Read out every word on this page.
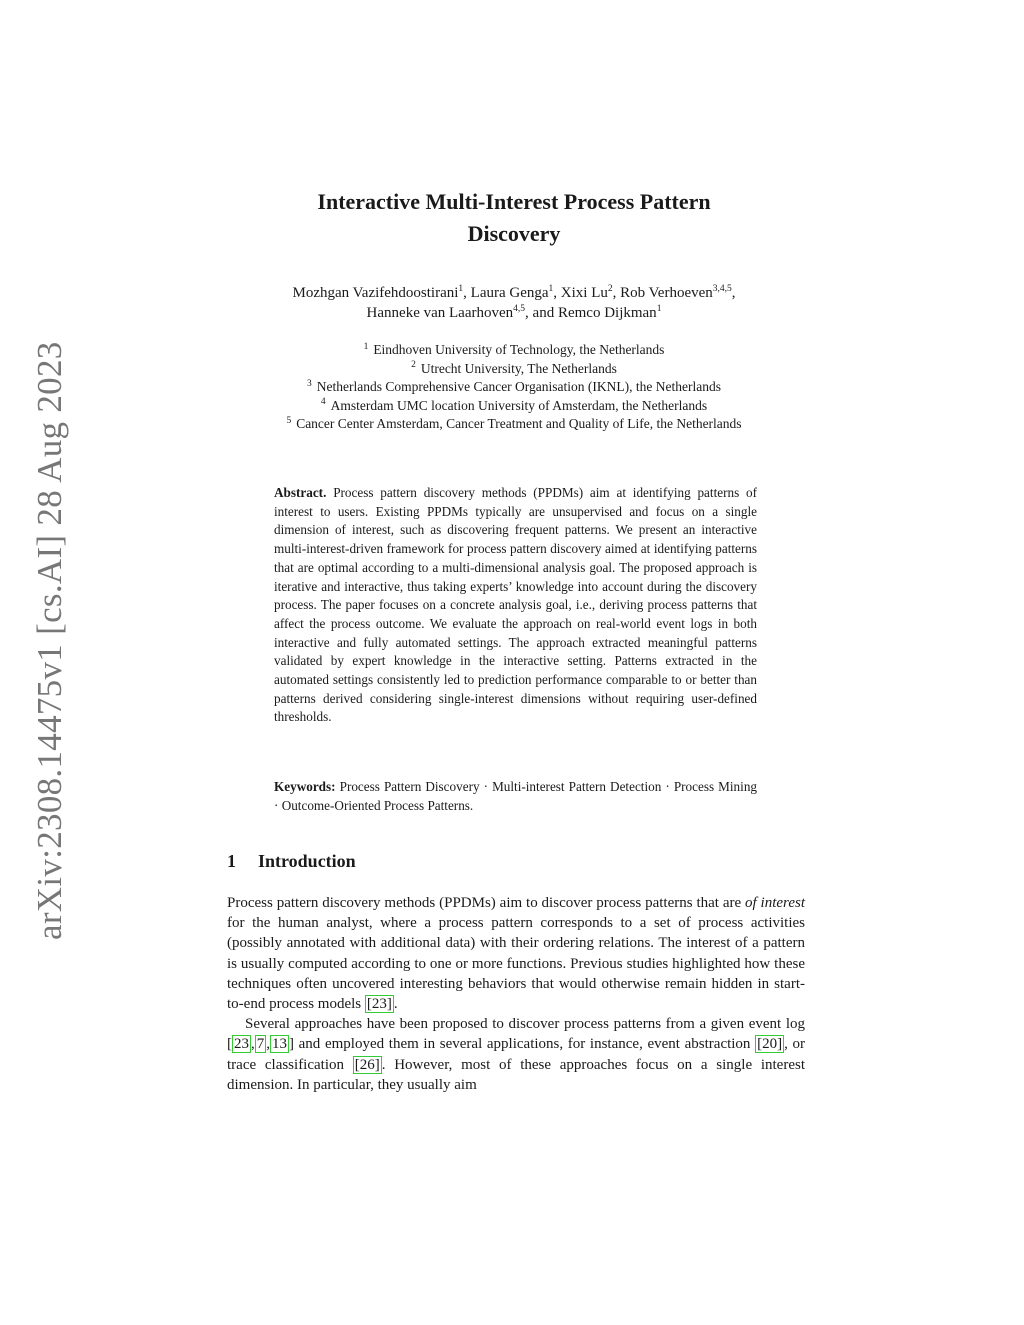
arXiv:2308.14475v1 [cs.AI] 28 Aug 2023
Interactive Multi-Interest Process Pattern
Discovery
Mozhgan Vazifehdoostirani$^1$, Laura Genga$^1$, Xixi Lu$^2$, Rob Verhoeven$^{3,4,5}$,
Hanneke van Laarhoven$^{4,5}$, and Remco Dijkman$^1$
$^1$ Eindhoven University of Technology, the Netherlands
$^2$ Utrecht University, The Netherlands
$^3$ Netherlands Comprehensive Cancer Organisation (IKNL), the Netherlands
$^4$ Amsterdam UMC location University of Amsterdam, the Netherlands
$^5$ Cancer Center Amsterdam, Cancer Treatment and Quality of Life, the Netherlands
Abstract. Process pattern discovery methods (PPDMs) aim at identifying patterns of interest to users. Existing PPDMs typically are unsupervised and focus on a single dimension of interest, such as discovering frequent patterns. We present an interactive multi-interest-driven framework for process pattern discovery aimed at identifying patterns that are optimal according to a multi-dimensional analysis goal. The proposed approach is iterative and interactive, thus taking experts’ knowledge into account during the discovery process. The paper focuses on a concrete analysis goal, i.e., deriving process patterns that affect the process outcome. We evaluate the approach on real-world event logs in both interactive and fully automated settings. The approach extracted meaningful patterns validated by expert knowledge in the interactive setting. Patterns extracted in the automated settings consistently led to prediction performance comparable to or better than patterns derived considering single-interest dimensions without requiring user-defined thresholds.
Keywords: Process Pattern Discovery · Multi-interest Pattern Detection · Process Mining · Outcome-Oriented Process Patterns.
1 Introduction

Process pattern discovery methods (PPDMs) aim to discover process patterns that are of interest for the human analyst, where a process pattern corresponds to a set of process activities (possibly annotated with additional data) with their ordering relations. The interest of a pattern is usually computed according to one or more functions. Previous studies highlighted how these techniques often uncovered interesting behaviors that would otherwise remain hidden in start-to-end process models [23] .

Several approaches have been proposed to discover process patterns from a given event log [ 23 , 7 , 13 ] and employed them in several applications, for instance, event abstraction [20] , or trace classification [26] . However, most of these approaches focus on a single interest dimension. In particular, they usually aim
